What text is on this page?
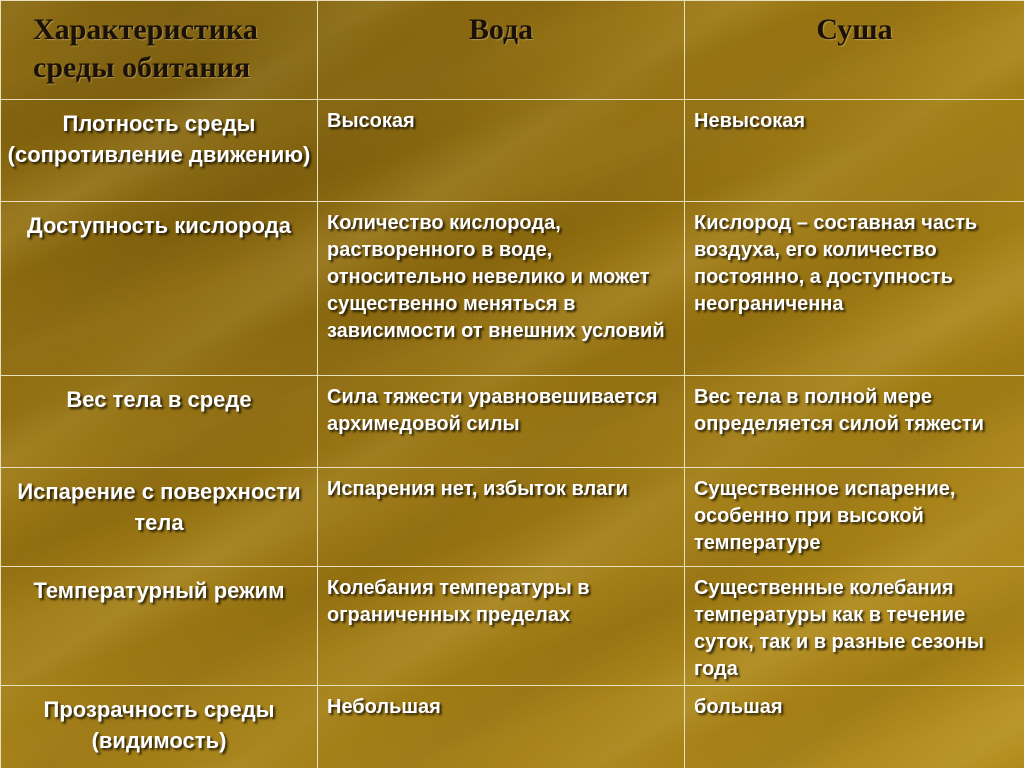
Характеристика среды обитания	Вода	Суша
Плотность среды (сопротивление движению)	Высокая	Невысокая
Доступность кислорода	Количество кислорода, растворенного в воде, относительно невелико и может существенно меняться в зависимости от внешних условий	Кислород – составная часть воздуха, его количество постоянно, а доступность неограниченна
Вес тела в среде	Сила тяжести уравновешивается архимедовой силы	Вес тела в полной мере определяется силой тяжести
Испарение с поверхности тела	Испарения нет, избыток влаги	Существенное испарение, особенно при высокой температуре
Температурный режим	Колебания температуры в ограниченных пределах	Существенные колебания температуры как в течение суток, так и в разные сезоны года
Прозрачность среды (видимость)	Небольшая	большая
